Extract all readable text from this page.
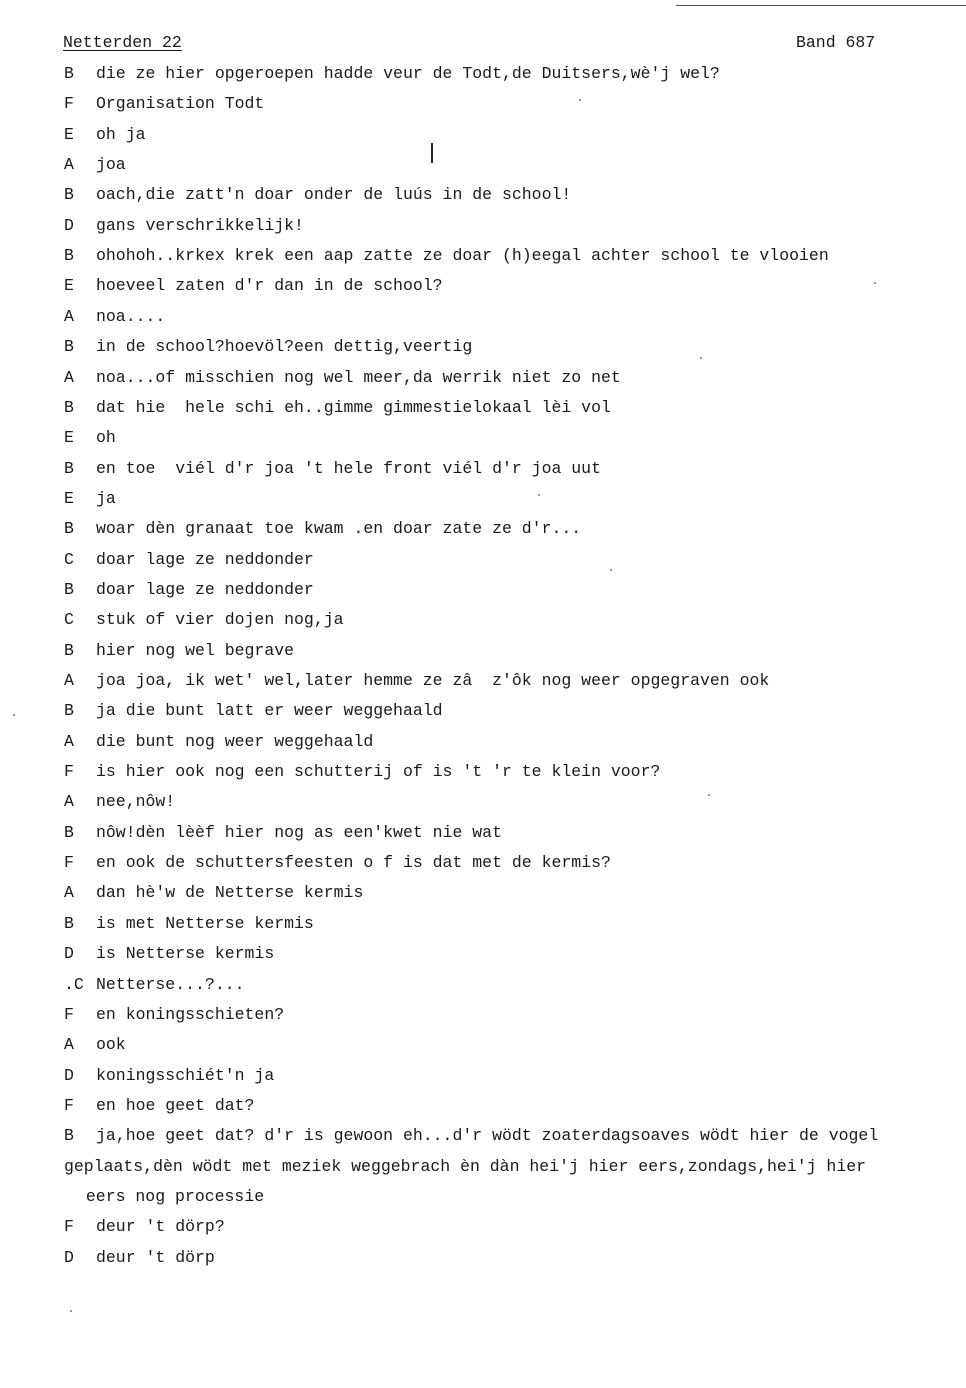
Netterden 22	Band 687
B die ze hier opgeroepen hadde veur de Todt,de Duitsers,wè'j wel?
F Organisation Todt
E oh ja
A joa
B oach,die zatt'n doar onder de luús in de school!
D gans verschrikkelijk!
B ohohoh..krkex krek een aap zatte ze doar (h)eegal achter school te vlooien
E hoeveel zaten d'r dan in de school?
A noa....
B in de school?hoevöl?een dettig,veertig
A noa...of misschien nog wel meer,da werrik niet zo net
B dat hie  hele schi eh..gimme gimmestielokaal lèi vol
E oh
B en toe  viél d'r joa 't hele front viél d'r joa uut
E ja
B woar dèn granaat toe kwam .en doar zate ze d'r...
C doar lage ze neddonder
B doar lage ze neddonder
C stuk of vier dojen nog,ja
B hier nog wel begrave
A joa joa, ik wet' wel,later hemme ze zâ  z'ôk nog weer opgegraven ook
B ja die bunt latt er weer weggehaald
A die bunt nog weer weggehaald
F is hier ook nog een schutterij of is 't 'r te klein voor?
A nee,nôw!
B nôw!dèn lèèf hier nog as een'kwet nie wat
F en ook de schuttersfeesten o f is dat met de kermis?
A dan hè'w de Netterse kermis
B is met Netterse kermis
D is Netterse kermis
.C Netterse...?...
F en koningsschieten?
A ook
D koningsschiét'n ja
F en hoe geet dat?
B ja,hoe geet dat? d'r is gewoon eh...d'r wödt zoaterdagsoaves wödt hier de vogel
geplaats,dèn wödt met meziek weggebrach èn dàn hei'j hier eers,zondags,hei'j hier
eers nog processie
F deur 't dörp?
D deur 't dörp
